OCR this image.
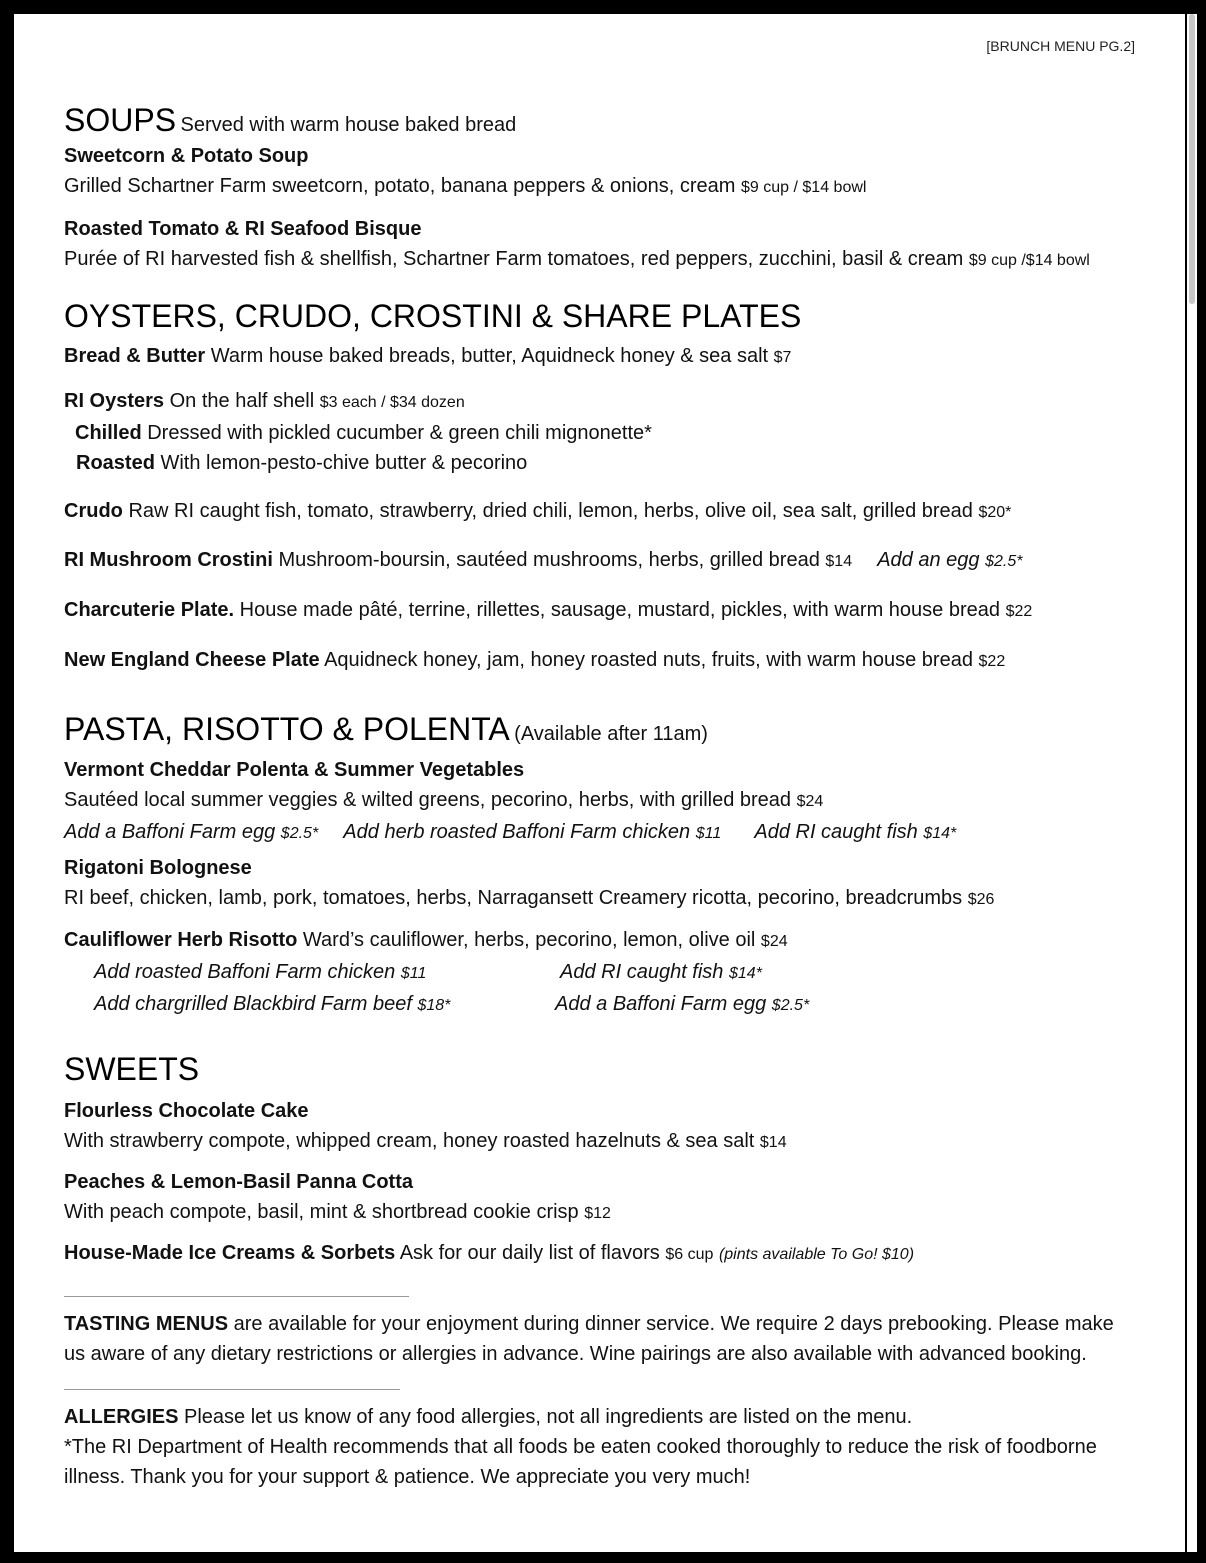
[BRUNCH MENU PG.2]
SOUPS Served with warm house baked bread
Sweetcorn & Potato Soup
Grilled Schartner Farm sweetcorn, potato, banana peppers & onions, cream $9 cup / $14 bowl
Roasted Tomato & RI Seafood Bisque
Purée of RI harvested fish & shellfish, Schartner Farm tomatoes, red peppers, zucchini, basil & cream $9 cup /$14 bowl
OYSTERS, CRUDO, CROSTINI & SHARE PLATES
Bread & Butter Warm house baked breads, butter, Aquidneck honey & sea salt $7
RI Oysters On the half shell $3 each / $34 dozen
Chilled Dressed with pickled cucumber & green chili mignonette*
Roasted With lemon-pesto-chive butter & pecorino
Crudo Raw RI caught fish, tomato, strawberry, dried chili, lemon, herbs, olive oil, sea salt, grilled bread $20*
RI Mushroom Crostini Mushroom-boursin, sautéed mushrooms, herbs, grilled bread $14 Add an egg $2.5*
Charcuterie Plate. House made pâté, terrine, rillettes, sausage, mustard, pickles, with warm house bread $22
New England Cheese Plate Aquidneck honey, jam, honey roasted nuts, fruits, with warm house bread $22
PASTA, RISOTTO & POLENTA (Available after 11am)
Vermont Cheddar Polenta & Summer Vegetables
Sautéed local summer veggies & wilted greens, pecorino, herbs, with grilled bread $24
Add a Baffoni Farm egg $2.5* Add herb roasted Baffoni Farm chicken $11 Add RI caught fish $14*
Rigatoni Bolognese
RI beef, chicken, lamb, pork, tomatoes, herbs, Narragansett Creamery ricotta, pecorino, breadcrumbs $26
Cauliflower Herb Risotto Ward’s cauliflower, herbs, pecorino, lemon, olive oil $24
Add roasted Baffoni Farm chicken $11	Add RI caught fish $14*
Add chargrilled Blackbird Farm beef $18*	Add a Baffoni Farm egg $2.5*
SWEETS
Flourless Chocolate Cake
With strawberry compote, whipped cream, honey roasted hazelnuts & sea salt $14
Peaches & Lemon-Basil Panna Cotta
With peach compote, basil, mint & shortbread cookie crisp $12
House-Made Ice Creams & Sorbets Ask for our daily list of flavors $6 cup (pints available To Go! $10)
TASTING MENUS are available for your enjoyment during dinner service. We require 2 days prebooking. Please make us aware of any dietary restrictions or allergies in advance. Wine pairings are also available with advanced booking.
ALLERGIES Please let us know of any food allergies, not all ingredients are listed on the menu.
*The RI Department of Health recommends that all foods be eaten cooked thoroughly to reduce the risk of foodborne illness. Thank you for your support & patience. We appreciate you very much!
